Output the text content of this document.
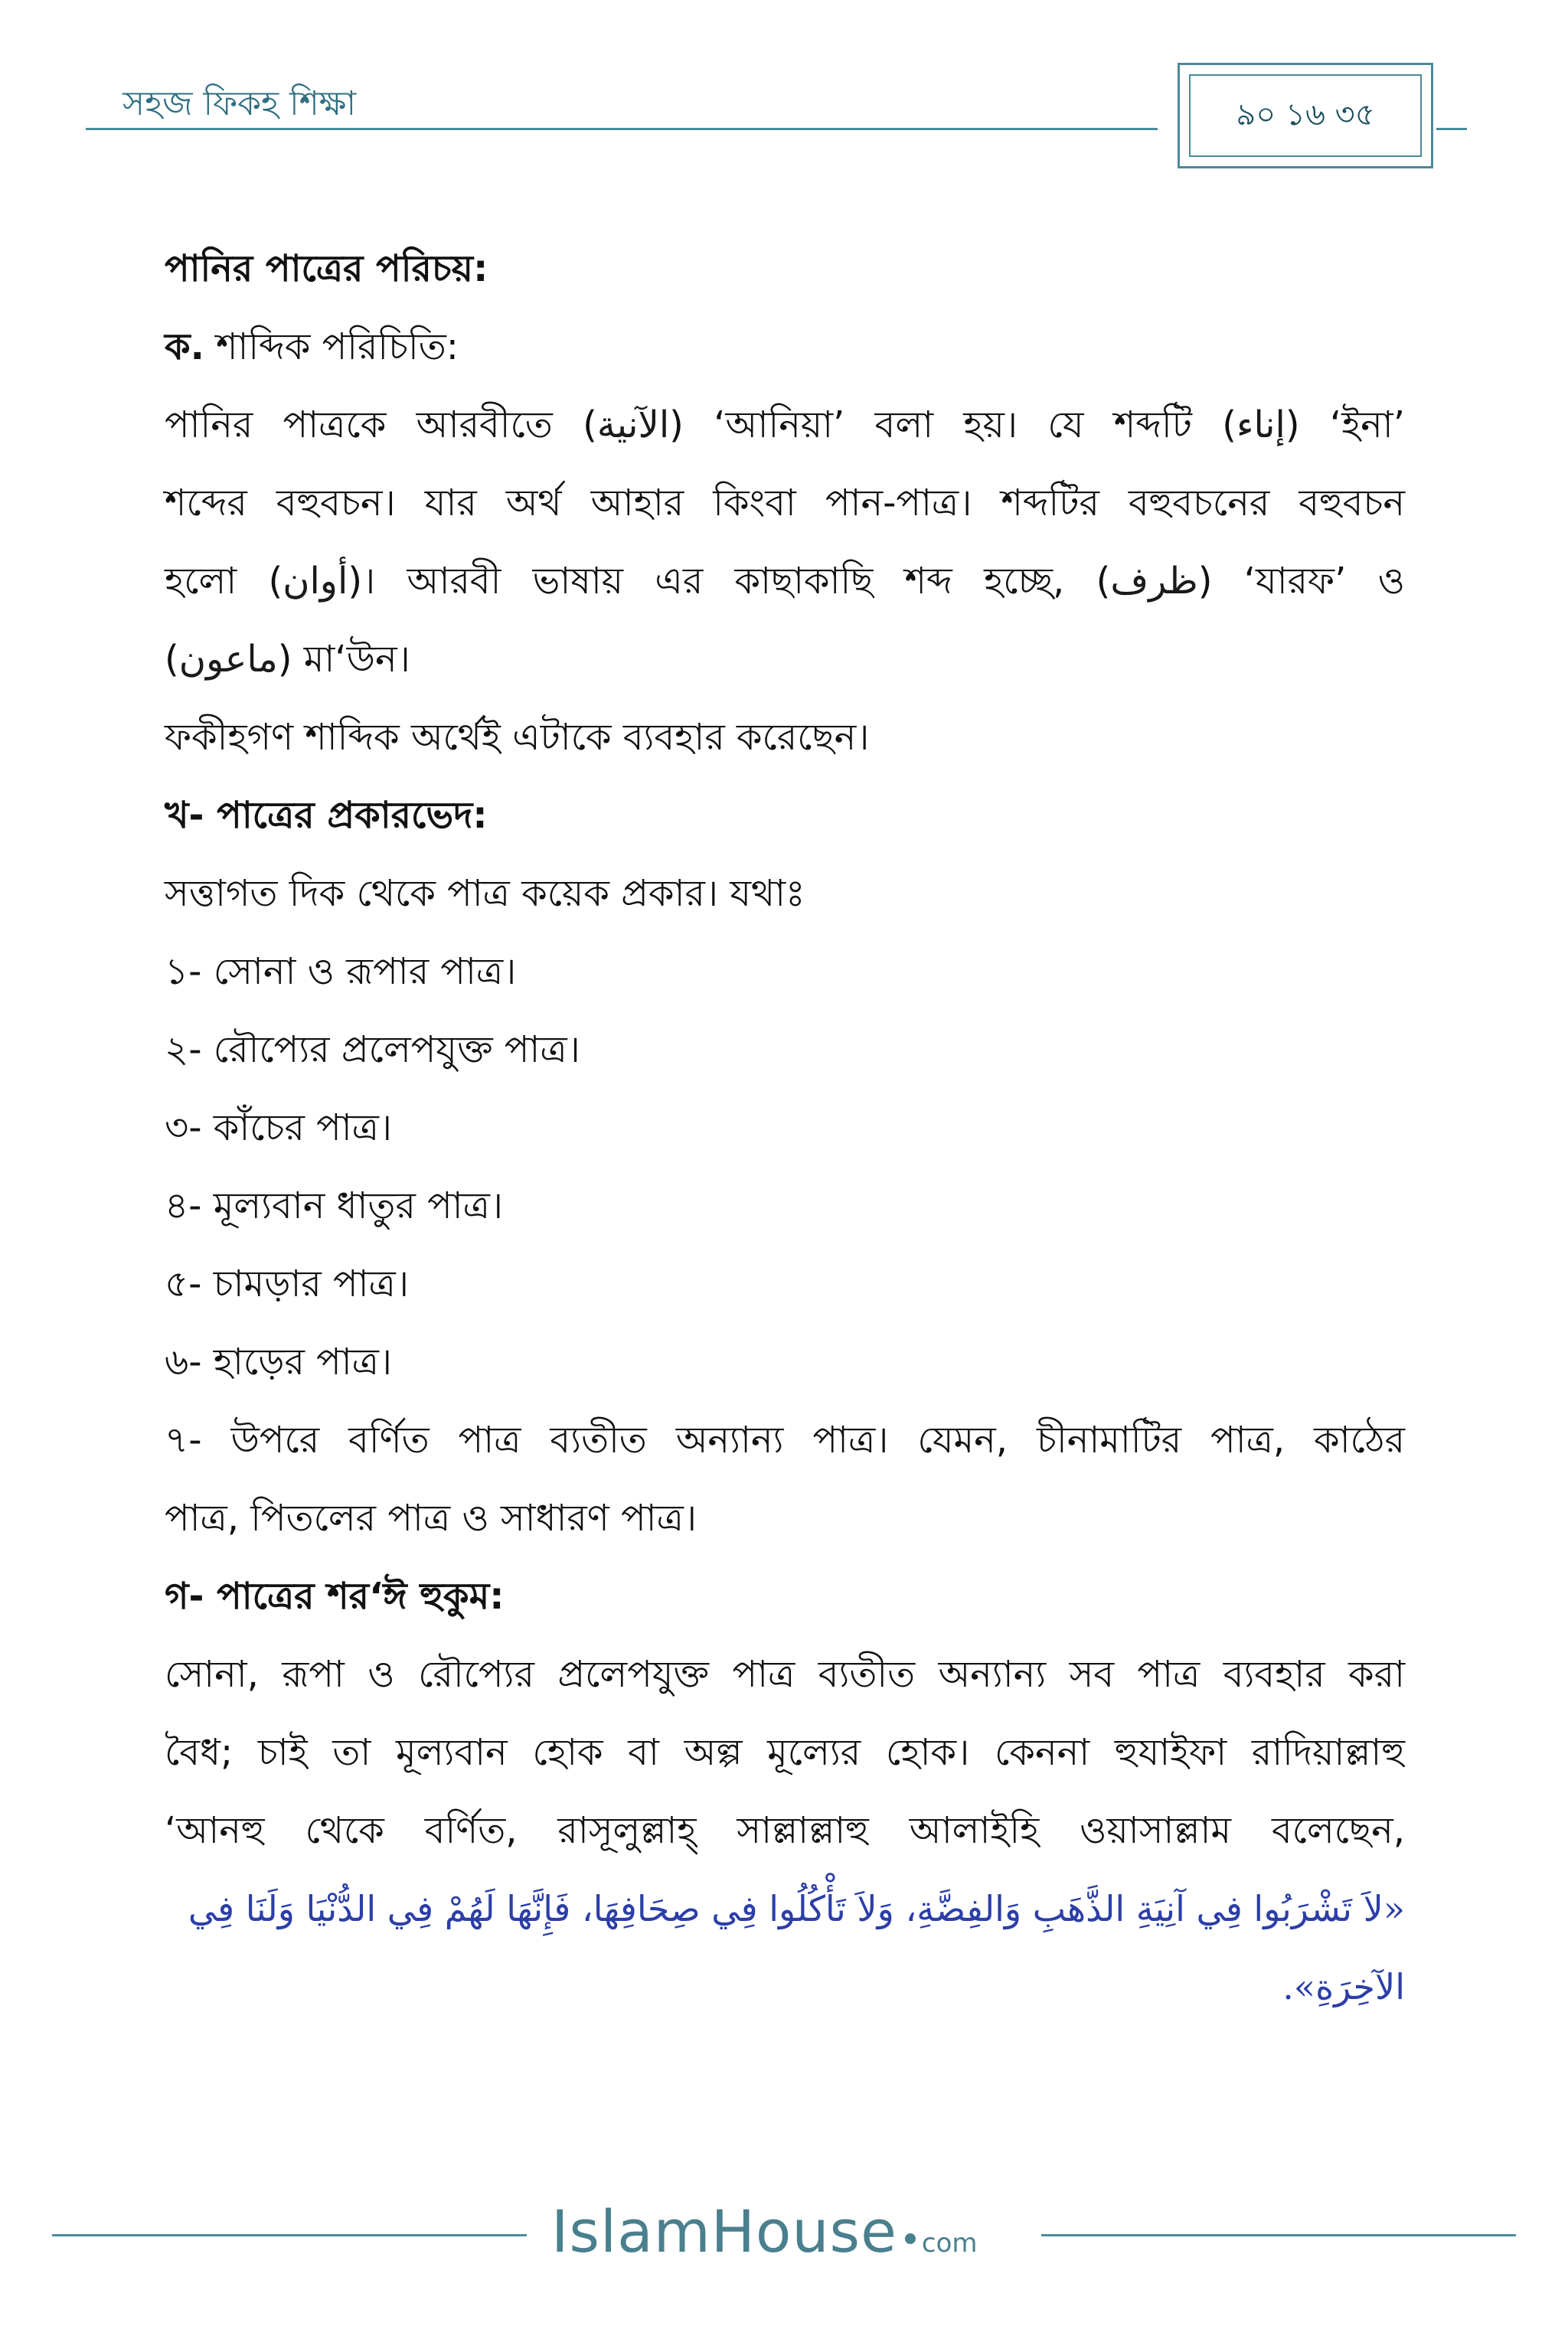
সহজ ফিকহ শিক্ষা	৯০ ১৬ ৩৫
পানির পাত্রের পরিচয়:
ক. শাব্দিক পরিচিতি:
পানির পাত্রকে আরবীতে (الآنية) ‘আনিয়া’ বলা হয়। যে শব্দটি (إناء) ‘ইনা’
শব্দের বহুবচন। যার অর্থ আহার কিংবা পান-পাত্র। শব্দটির বহুবচনের বহুবচন
হলো (أوان)। আরবী ভাষায় এর কাছাকাছি শব্দ হচ্ছে, (ظرف) ‘যারফ’ ও
(ماعون) মা‘উন।
ফকীহগণ শাব্দিক অর্থেই এটাকে ব্যবহার করেছেন।
খ- পাত্রের প্রকারভেদ:
সত্তাগত দিক থেকে পাত্র কয়েক প্রকার। যথাঃ
১- সোনা ও রূপার পাত্র।
২- রৌপ্যের প্রলেপযুক্ত পাত্র।
৩- কাঁচের পাত্র।
৪- মূল্যবান ধাতুর পাত্র।
৫- চামড়ার পাত্র।
৬- হাড়ের পাত্র।
৭- উপরে বর্ণিত পাত্র ব্যতীত অন্যান্য পাত্র। যেমন, চীনামাটির পাত্র, কাঠের
পাত্র, পিতলের পাত্র ও সাধারণ পাত্র।
গ- পাত্রের শর‘ঈ হুকুম:
সোনা, রূপা ও রৌপ্যের প্রলেপযুক্ত পাত্র ব্যতীত অন্যান্য সব পাত্র ব্যবহার করা
বৈধ; চাই তা মূল্যবান হোক বা অল্প মূল্যের হোক। কেননা হুযাইফা রাদিয়াল্লাহু
‘আনহু থেকে বর্ণিত, রাসূলুল্লাহ্‌ সাল্লাল্লাহু আলাইহি ওয়াসাল্লাম বলেছেন,
«لاَ تَشْرَبُوا فِي آنِيَةِ الذَّهَبِ وَالفِضَّةِ، وَلاَ تَأْكُلُوا فِي صِحَافِهَا، فَإِنَّهَا لَهُمْ فِي الدُّنْيَا وَلَنَا فِي
الآخِرَةِ».
IslamHouse com
